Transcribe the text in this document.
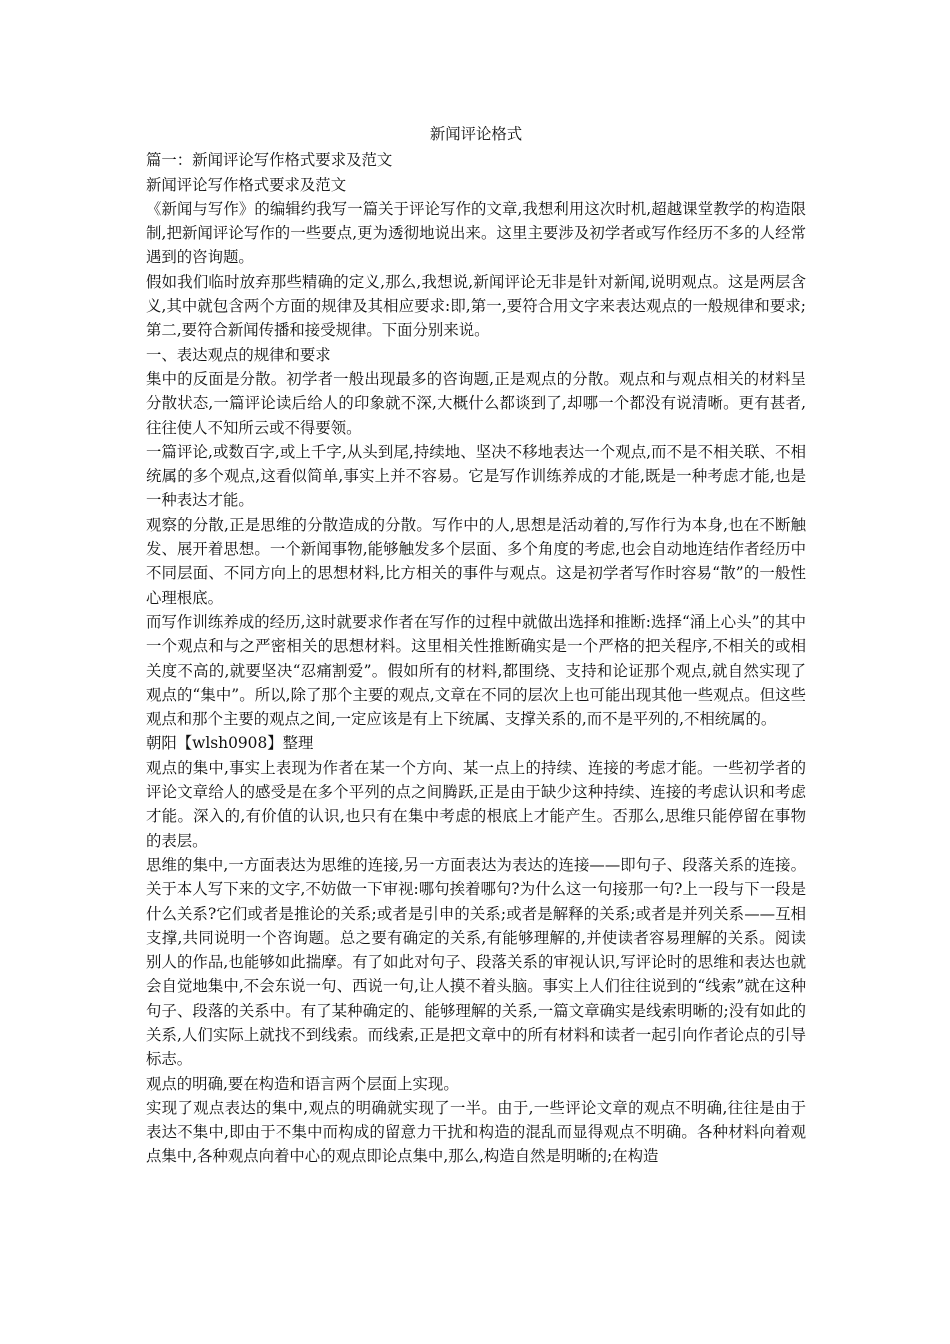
新闻评论格式

篇一：新闻评论写作格式要求及范文

新闻评论写作格式要求及范文

《新闻与写作》的编辑约我写一篇关于评论写作的文章,我想利用这次时机,超越课堂教学的构造限制,把新闻评论写作的一些要点,更为透彻地说出来。这里主要涉及初学者或写作经历不多的人经常遇到的咨询题。

假如我们临时放弃那些精确的定义,那么,我想说,新闻评论无非是针对新闻,说明观点。这是两层含义,其中就包含两个方面的规律及其相应要求:即,第一,要符合用文字来表达观点的一般规律和要求;第二,要符合新闻传播和接受规律。下面分别来说。

一、表达观点的规律和要求

集中的反面是分散。初学者一般出现最多的咨询题,正是观点的分散。观点和与观点相关的材料呈分散状态,一篇评论读后给人的印象就不深,大概什么都谈到了,却哪一个都没有说清晰。更有甚者,往往使人不知所云或不得要领。

一篇评论,或数百字,或上千字,从头到尾,持续地、坚决不移地表达一个观点,而不是不相关联、不相统属的多个观点,这看似简单,事实上并不容易。它是写作训练养成的才能,既是一种考虑才能,也是一种表达才能。

观察的分散,正是思维的分散造成的分散。写作中的人,思想是活动着的,写作行为本身,也在不断触发、展开着思想。一个新闻事物,能够触发多个层面、多个角度的考虑,也会自动地连结作者经历中不同层面、不同方向上的思想材料,比方相关的事件与观点。这是初学者写作时容易“散”的一般性心理根底。

而写作训练养成的经历,这时就要求作者在写作的过程中就做出选择和推断:选择“涌上心头”的其中一个观点和与之严密相关的思想材料。这里相关性推断确实是一个严格的把关程序,不相关的或相关度不高的,就要坚决“忍痛割爱”。假如所有的材料,都围绕、支持和论证那个观点,就自然实现了观点的“集中”。所以,除了那个主要的观点,文章在不同的层次上也可能出现其他一些观点。但这些观点和那个主要的观点之间,一定应该是有上下统属、支撑关系的,而不是平列的,不相统属的。

朝阳【wlsh0908】整理

观点的集中,事实上表现为作者在某一个方向、某一点上的持续、连接的考虑才能。一些初学者的评论文章给人的感受是在多个平列的点之间腾跃,正是由于缺少这种持续、连接的考虑认识和考虑才能。深入的,有价值的认识,也只有在集中考虑的根底上才能产生。否那么,思维只能停留在事物的表层。

思维的集中,一方面表达为思维的连接,另一方面表达为表达的连接——即句子、段落关系的连接。关于本人写下来的文字,不妨做一下审视:哪句挨着哪句?为什么这一句接那一句?上一段与下一段是什么关系?它们或者是推论的关系;或者是引申的关系;或者是解释的关系;或者是并列关系——互相支撑,共同说明一个咨询题。总之要有确定的关系,有能够理解的,并使读者容易理解的关系。阅读别人的作品,也能够如此揣摩。有了如此对句子、段落关系的审视认识,写评论时的思维和表达也就会自觉地集中,不会东说一句、西说一句,让人摸不着头脑。事实上人们往往说到的“线索”就在这种句子、段落的关系中。有了某种确定的、能够理解的关系,一篇文章确实是线索明晰的;没有如此的关系,人们实际上就找不到线索。而线索,正是把文章中的所有材料和读者一起引向作者论点的引导标志。

观点的明确,要在构造和语言两个层面上实现。

实现了观点表达的集中,观点的明确就实现了一半。由于,一些评论文章的观点不明确,往往是由于表达不集中,即由于不集中而构成的留意力干扰和构造的混乱而显得观点不明确。各种材料向着观点集中,各种观点向着中心的观点即论点集中,那么,构造自然是明晰的;在构造
